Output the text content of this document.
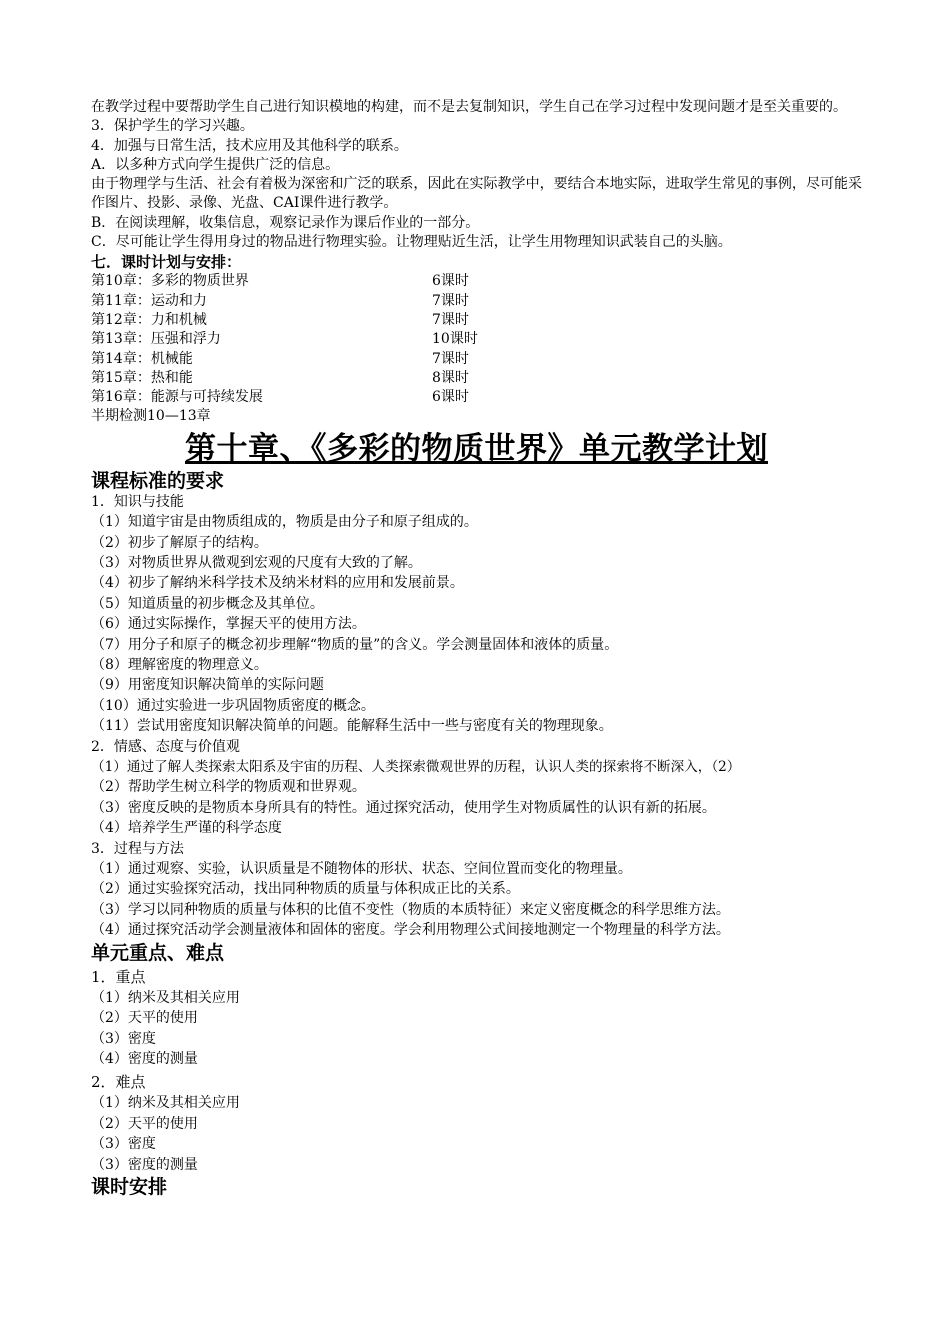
在教学过程中要帮助学生自己进行知识模地的构建，而不是去复制知识，学生自己在学习过程中发现问题才是至关重要的。
3．保护学生的学习兴趣。
4．加强与日常生活，技术应用及其他科学的联系。
A．以多种方式向学生提供广泛的信息。
由于物理学与生活、社会有着极为深密和广泛的联系，因此在实际教学中，要结合本地实际，进取学生常见的事例，尽可能采作图片、投影、录像、光盘、CAI课件进行教学。
B．在阅读理解，收集信息，观察记录作为课后作业的一部分。
C．尽可能让学生得用身过的物品进行物理实验。让物理贴近生活，让学生用物理知识武装自己的头脑。
七．课时计划与安排：
第10章：多彩的物质世界	6课时
第11章：运动和力	7课时
第12章：力和机械	7课时
第13章：压强和浮力	10课时
第14章：机械能	7课时
第15章：热和能	8课时
第16章：能源与可持续发展	6课时
半期检测10—13章
第十章、《多彩的物质世界》单元教学计划
课程标准的要求
1．知识与技能
（1）知道宇宙是由物质组成的，物质是由分子和原子组成的。
（2）初步了解原子的结构。
（3）对物质世界从微观到宏观的尺度有大致的了解。
（4）初步了解纳米科学技术及纳米材料的应用和发展前景。
（5）知道质量的初步概念及其单位。
（6）通过实际操作，掌握天平的使用方法。
（7）用分子和原子的概念初步理解“物质的量”的含义。学会测量固体和液体的质量。
（8）理解密度的物理意义。
（9）用密度知识解决简单的实际问题
（10）通过实验进一步巩固物质密度的概念。
（11）尝试用密度知识解决简单的问题。能解释生活中一些与密度有关的物理现象。
2．情感、态度与价值观
（1）通过了解人类探索太阳系及宇宙的历程、人类探索微观世界的历程，认识人类的探索将不断深入，（2）
（2）帮助学生树立科学的物质观和世界观。
（3）密度反映的是物质本身所具有的特性。通过探究活动，使用学生对物质属性的认识有新的拓展。
（4）培养学生严谨的科学态度
3．过程与方法
（1）通过观察、实验，认识质量是不随物体的形状、状态、空间位置而变化的物理量。
（2）通过实验探究活动，找出同种物质的质量与体积成正比的关系。
（3）学习以同种物质的质量与体积的比值不变性（物质的本质特征）来定义密度概念的科学思维方法。
（4）通过探究活动学会测量液体和固体的密度。学会利用物理公式间接地测定一个物理量的科学方法。
单元重点、难点
1．重点
（1）纳米及其相关应用
（2）天平的使用
（3）密度
（4）密度的测量
2．难点
（1）纳米及其相关应用
（2）天平的使用
（3）密度
（3）密度的测量
课时安排
